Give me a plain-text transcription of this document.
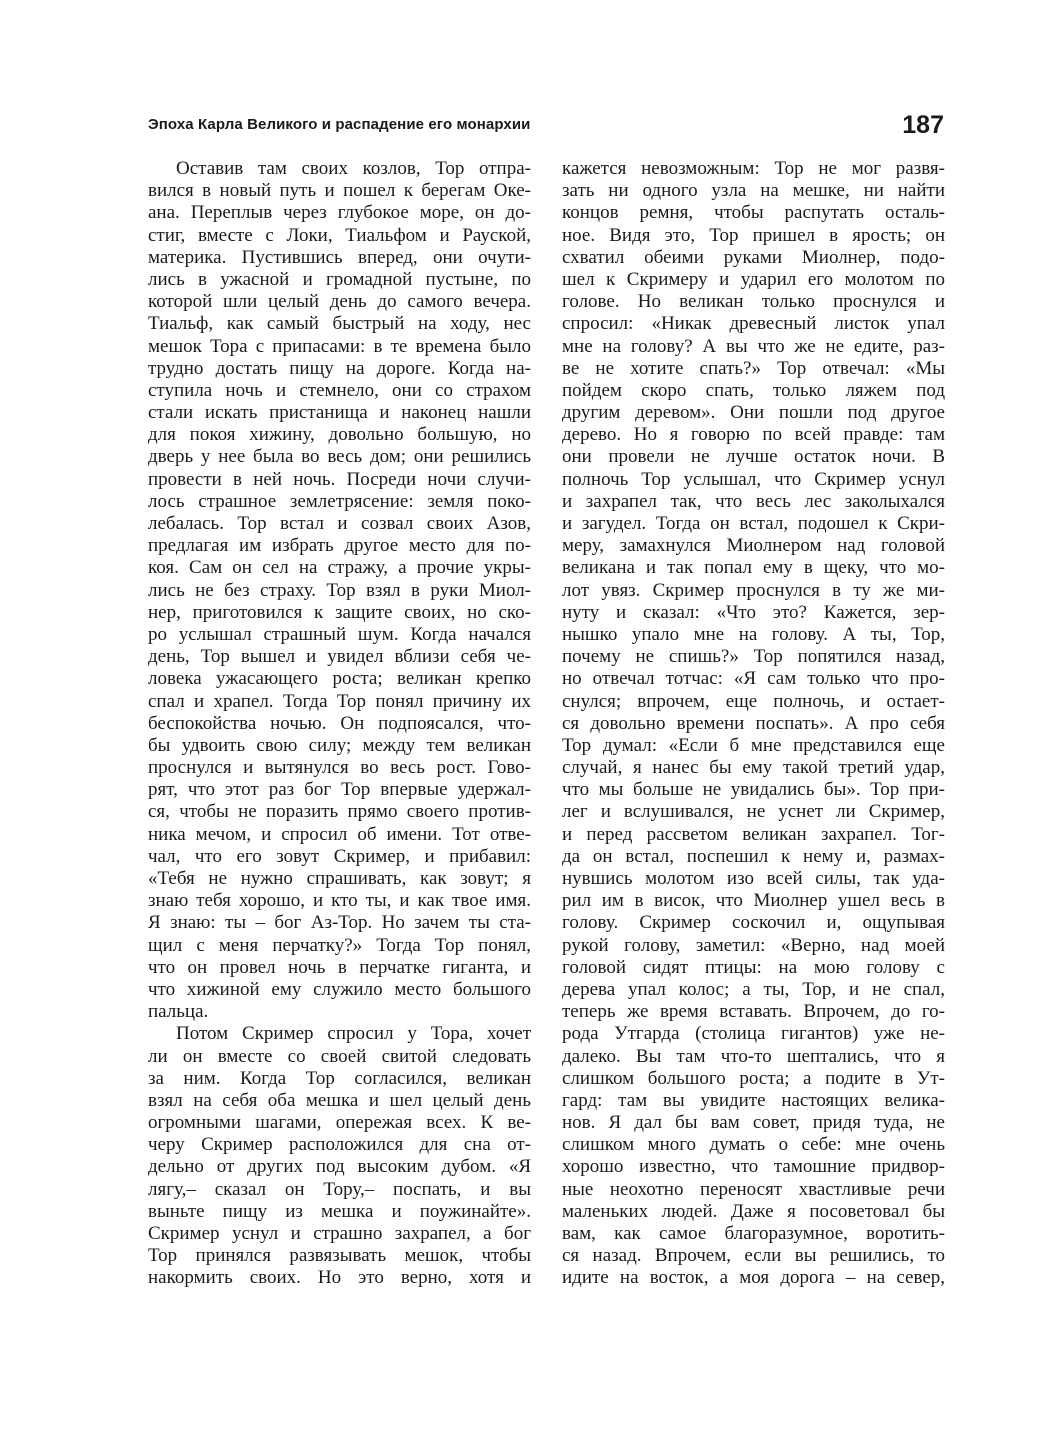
Эпоха Карла Великого и распадение его монархии	187
Оставив там своих козлов, Тор отпра-
вился в новый путь и пошел к берегам Оке-
ана. Переплыв через глубокое море, он до-
стиг, вместе с Локи, Тиальфом и Рауской,
материка. Пустившись вперед, они очути-
лись в ужасной и громадной пустыне, по
которой шли целый день до самого вечера.
Тиальф, как самый быстрый на ходу, нес
мешок Тора с припасами: в те времена было
трудно достать пищу на дороге. Когда на-
ступила ночь и стемнело, они со страхом
стали искать пристанища и наконец нашли
для покоя хижину, довольно большую, но
дверь у нее была во весь дом; они решились
провести в ней ночь. Посреди ночи случи-
лось страшное землетрясение: земля поко-
лебалась. Тор встал и созвал своих Азов,
предлагая им избрать другое место для по-
коя. Сам он сел на стражу, а прочие укры-
лись не без страху. Тор взял в руки Миол-
нер, приготовился к защите своих, но ско-
ро услышал страшный шум. Когда начался
день, Тор вышел и увидел вблизи себя че-
ловека ужасающего роста; великан крепко
спал и храпел. Тогда Тор понял причину их
беспокойства ночью. Он подпоясался, что-
бы удвоить свою силу; между тем великан
проснулся и вытянулся во весь рост. Гово-
рят, что этот раз бог Тор впервые удержал-
ся, чтобы не поразить прямо своего против-
ника мечом, и спросил об имени. Тот отве-
чал, что его зовут Скример, и прибавил:
«Тебя не нужно спрашивать, как зовут; я
знаю тебя хорошо, и кто ты, и как твое имя.
Я знаю: ты – бог Аз-Тор. Но зачем ты ста-
щил с меня перчатку?» Тогда Тор понял,
что он провел ночь в перчатке гиганта, и
что хижиной ему служило место большого
пальца.
Потом Скример спросил у Тора, хочет
ли он вместе со своей свитой следовать
за ним. Когда Тор согласился, великан
взял на себя оба мешка и шел целый день
огромными шагами, опережая всех. К ве-
черу Скример расположился для сна от-
дельно от других под высоким дубом. «Я
лягу,– сказал он Тору,– поспать, и вы
выньте пищу из мешка и поужинайте».
Скример уснул и страшно захрапел, а бог
Тор принялся развязывать мешок, чтобы
накормить своих. Но это верно, хотя и
кажется невозможным: Тор не мог развя-
зать ни одного узла на мешке, ни найти
концов ремня, чтобы распутать осталь-
ное. Видя это, Тор пришел в ярость; он
схватил обеими руками Миолнер, подо-
шел к Скримеру и ударил его молотом по
голове. Но великан только проснулся и
спросил: «Никак древесный листок упал
мне на голову? А вы что же не едите, раз-
ве не хотите спать?» Тор отвечал: «Мы
пойдем скоро спать, только ляжем под
другим деревом». Они пошли под другое
дерево. Но я говорю по всей правде: там
они провели не лучше остаток ночи. В
полночь Тор услышал, что Скример уснул
и захрапел так, что весь лес заколыхался
и загудел. Тогда он встал, подошел к Скри-
меру, замахнулся Миолнером над головой
великана и так попал ему в щеку, что мо-
лот увяз. Скример проснулся в ту же ми-
нуту и сказал: «Что это? Кажется, зер-
нышко упало мне на голову. А ты, Тор,
почему не спишь?» Тор попятился назад,
но отвечал тотчас: «Я сам только что про-
снулся; впрочем, еще полночь, и остает-
ся довольно времени поспать». А про себя
Тор думал: «Если б мне представился еще
случай, я нанес бы ему такой третий удар,
что мы больше не увидались бы». Тор при-
лег и вслушивался, не уснет ли Скример,
и перед рассветом великан захрапел. Тог-
да он встал, поспешил к нему и, размах-
нувшись молотом изо всей силы, так уда-
рил им в висок, что Миолнер ушел весь в
голову. Скример соскочил и, ощупывая
рукой голову, заметил: «Верно, над моей
головой сидят птицы: на мою голову с
дерева упал колос; а ты, Тор, и не спал,
теперь же время вставать. Впрочем, до го-
рода Утгарда (столица гигантов) уже не-
далеко. Вы там что-то шептались, что я
слишком большого роста; а подите в Ут-
гард: там вы увидите настоящих велика-
нов. Я дал бы вам совет, придя туда, не
слишком много думать о себе: мне очень
хорошо известно, что тамошние придвор-
ные неохотно переносят хвастливые речи
маленьких людей. Даже я посоветовал бы
вам, как самое благоразумное, воротить-
ся назад. Впрочем, если вы решились, то
идите на восток, а моя дорога – на север,
